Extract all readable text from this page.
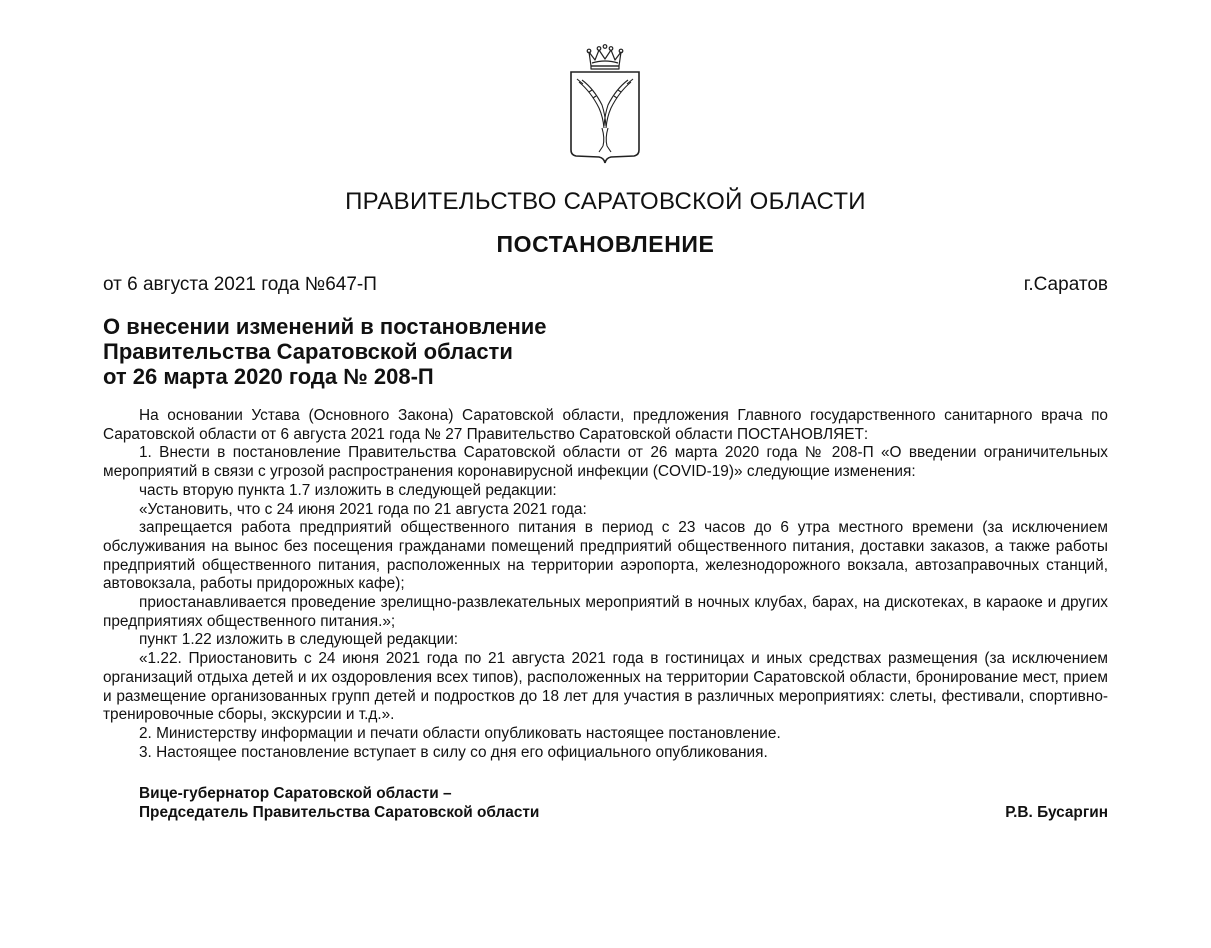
ПРАВИТЕЛЬСТВО САРАТОВСКОЙ ОБЛАСТИ
ПОСТАНОВЛЕНИЕ
от 6 августа 2021 года №647-П	г.Саратов
О внесении изменений в постановление
Правительства Саратовской области
от 26 марта 2020 года № 208-П

На основании Устава (Основного Закона) Саратовской области, предложения Главного государственного санитарного врача по Саратовской области от 6 августа 2021 года № 27 Правительство Саратовской области ПОСТАНОВЛЯЕТ:

1. Внести в постановление Правительства Саратовской области от 26 марта 2020 года № 208-П «О введении ограничительных мероприятий в связи с угрозой распространения коронавирусной инфекции (COVID-19)» следующие изменения:

часть вторую пункта 1.7 изложить в следующей редакции:

«Установить, что с 24 июня 2021 года по 21 августа 2021 года:

запрещается работа предприятий общественного питания в период с 23 часов до 6 утра местного времени (за исключением обслуживания на вынос без посещения гражданами помещений предприятий общественного питания, доставки заказов, а также работы предприятий общественного питания, расположенных на территории аэропорта, железнодорожного вокзала, автозаправочных станций, автовокзала, работы придорожных кафе);

приостанавливается проведение зрелищно-развлекательных мероприятий в ночных клубах, барах, на дискотеках, в караоке и других предприятиях общественного питания.»;

пункт 1.22 изложить в следующей редакции:

«1.22. Приостановить с 24 июня 2021 года по 21 августа 2021 года в гостиницах и иных средствах размещения (за исключением организаций отдыха детей и их оздоровления всех типов), расположенных на территории Саратовской области, бронирование мест, прием и размещение организованных групп детей и подростков до 18 лет для участия в различных мероприятиях: слеты, фестивали, спортивно-тренировочные сборы, экскурсии и т.д.».

2. Министерству информации и печати области опубликовать настоящее постановление.

3. Настоящее постановление вступает в силу со дня его официального опубликования.

Вице-губернатор Саратовской области –
Председатель Правительства Саратовской области	Р.В. Бусаргин
